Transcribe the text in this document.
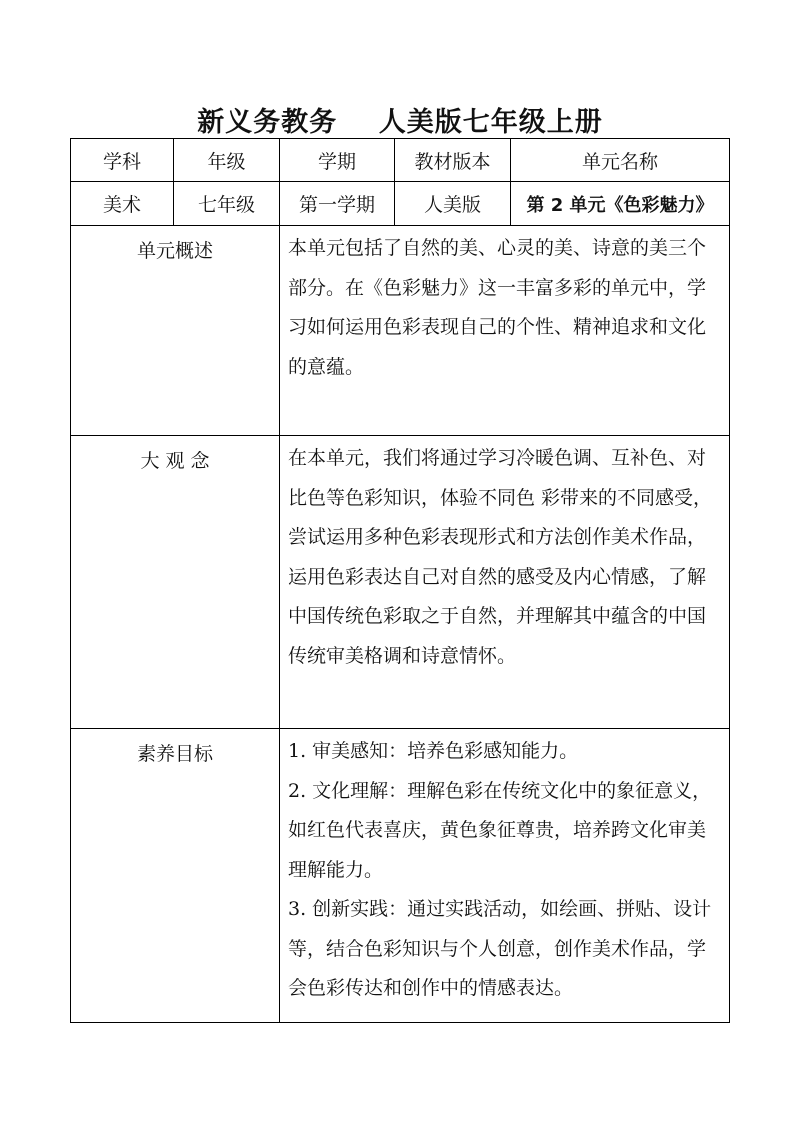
新义务教务    人美版七年级上册
学科	年级	学期	教材版本	单元名称
美术	七年级	第一学期	人美版	第 2 单元《色彩魅力》
单元概述	本单元包括了自然的美、心灵的美、诗意的美三个部分。在《色彩魅力》这一丰富多彩的单元中，学习如何运用色彩表现自己的个性、精神追求和文化的意蕴。

大 观 念	在本单元，我们将通过学习冷暖色调、互补色、对比色等色彩知识，体验不同色 彩带来的不同感受，尝试运用多种色彩表现形式和方法创作美术作品，运用色彩表达自己对自然的感受及内心情感，了解中国传统色彩取之于自然，并理解其中蕴含的中国传统审美格调和诗意情怀。

素养目标	1. 审美感知：培养色彩感知能力。

2. 文化理解：理解色彩在传统文化中的象征意义，如红色代表喜庆，黄色象征尊贵，培养跨文化审美理解能力。

3. 创新实践：通过实践活动，如绘画、拼贴、设计等，结合色彩知识与个人创意，创作美术作品，学会色彩传达和创作中的情感表达。
